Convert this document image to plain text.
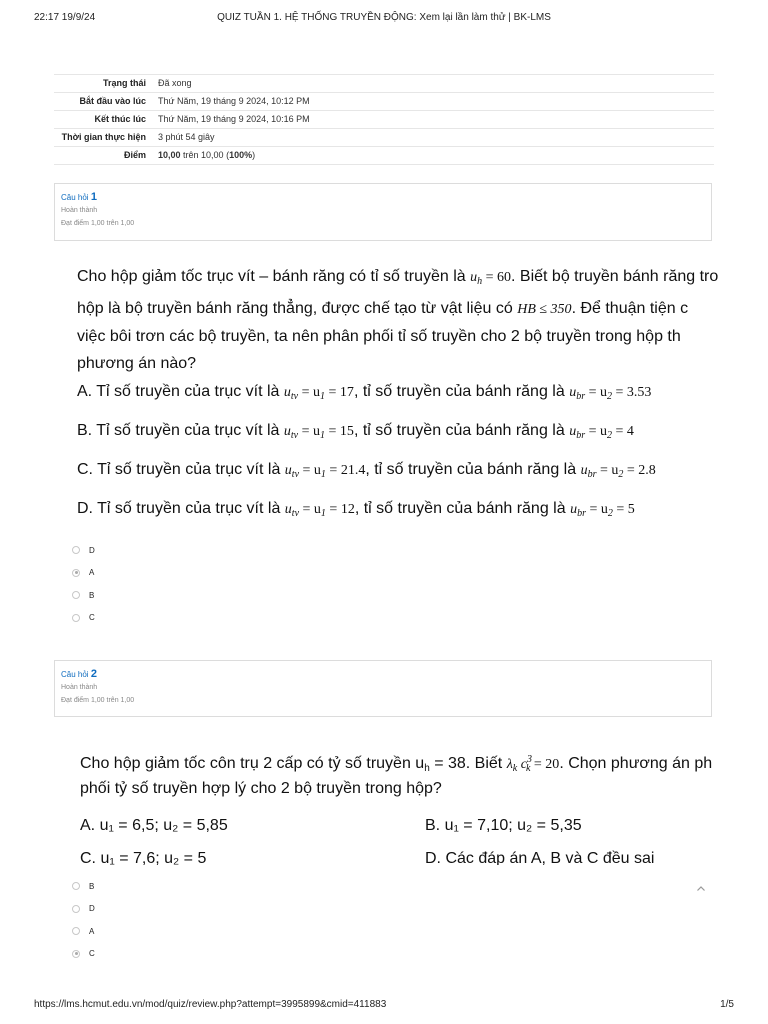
22:17 19/9/24	QUIZ TUẦN 1. HỆ THỐNG TRUYỀN ĐỘNG: Xem lại lần làm thử | BK-LMS
Trạng thái	Đã xong
Bắt đầu vào lúc	Thứ Năm, 19 tháng 9 2024, 10:12 PM
Kết thúc lúc	Thứ Năm, 19 tháng 9 2024, 10:16 PM
Thời gian thực hiện	3 phút 54 giây
Điểm	10,00 trên 10,00 (100%)
Câu hỏi 1
Hoàn thành
Đạt điểm 1,00 trên 1,00
Cho hộp giảm tốc trục vít – bánh răng có tỉ số truyền là $u_h = 60$. Biết bộ truyền bánh răng tro
hộp là bộ truyền bánh răng thẳng, được chế tạo từ vật liệu có HB ≤ 350. Để thuận tiện c
việc bôi trơn các bộ truyền, ta nên phân phối tỉ số truyền cho 2 bộ truyền trong hộp th
phương án nào?
A. Tỉ số truyền của trục vít là $u_{tv} = u_1 = 17$, tỉ số truyền của bánh răng là $u_{br} = u_2 = 3.53$
B. Tỉ số truyền của trục vít là $u_{tv} = u_1 = 15$, tỉ số truyền của bánh răng là $u_{br} = u_2 = 4$
C. Tỉ số truyền của trục vít là $u_{tv} = u_1 = 21.4$, tỉ số truyền của bánh răng là $u_{br} = u_2 = 2.8$
D. Tỉ số truyền của trục vít là $u_{tv} = u_1 = 12$, tỉ số truyền của bánh răng là $u_{br} = u_2 = 5$
D
A
B
C
Câu hỏi 2
Hoàn thành
Đạt điểm 1,00 trên 1,00
Cho hộp giảm tốc côn trụ 2 cấp có tỷ số truyền $u_h = 38$. Biết $\lambda_k$ $c^3_k = 20$. Chọn phương án ph
phối tỷ số truyền hợp lý cho 2 bộ truyền trong hộp?
A. u₁ = 6,5; u₂ = 5,85	B. u₁ = 7,10; u₂ = 5,35
C. u₁ = 7,6; u₂ = 5	D. Các đáp án A, B và C đều sai
B
D
A
C
https://lms.hcmut.edu.vn/mod/quiz/review.php?attempt=3995899&cmid=411883	1/5
